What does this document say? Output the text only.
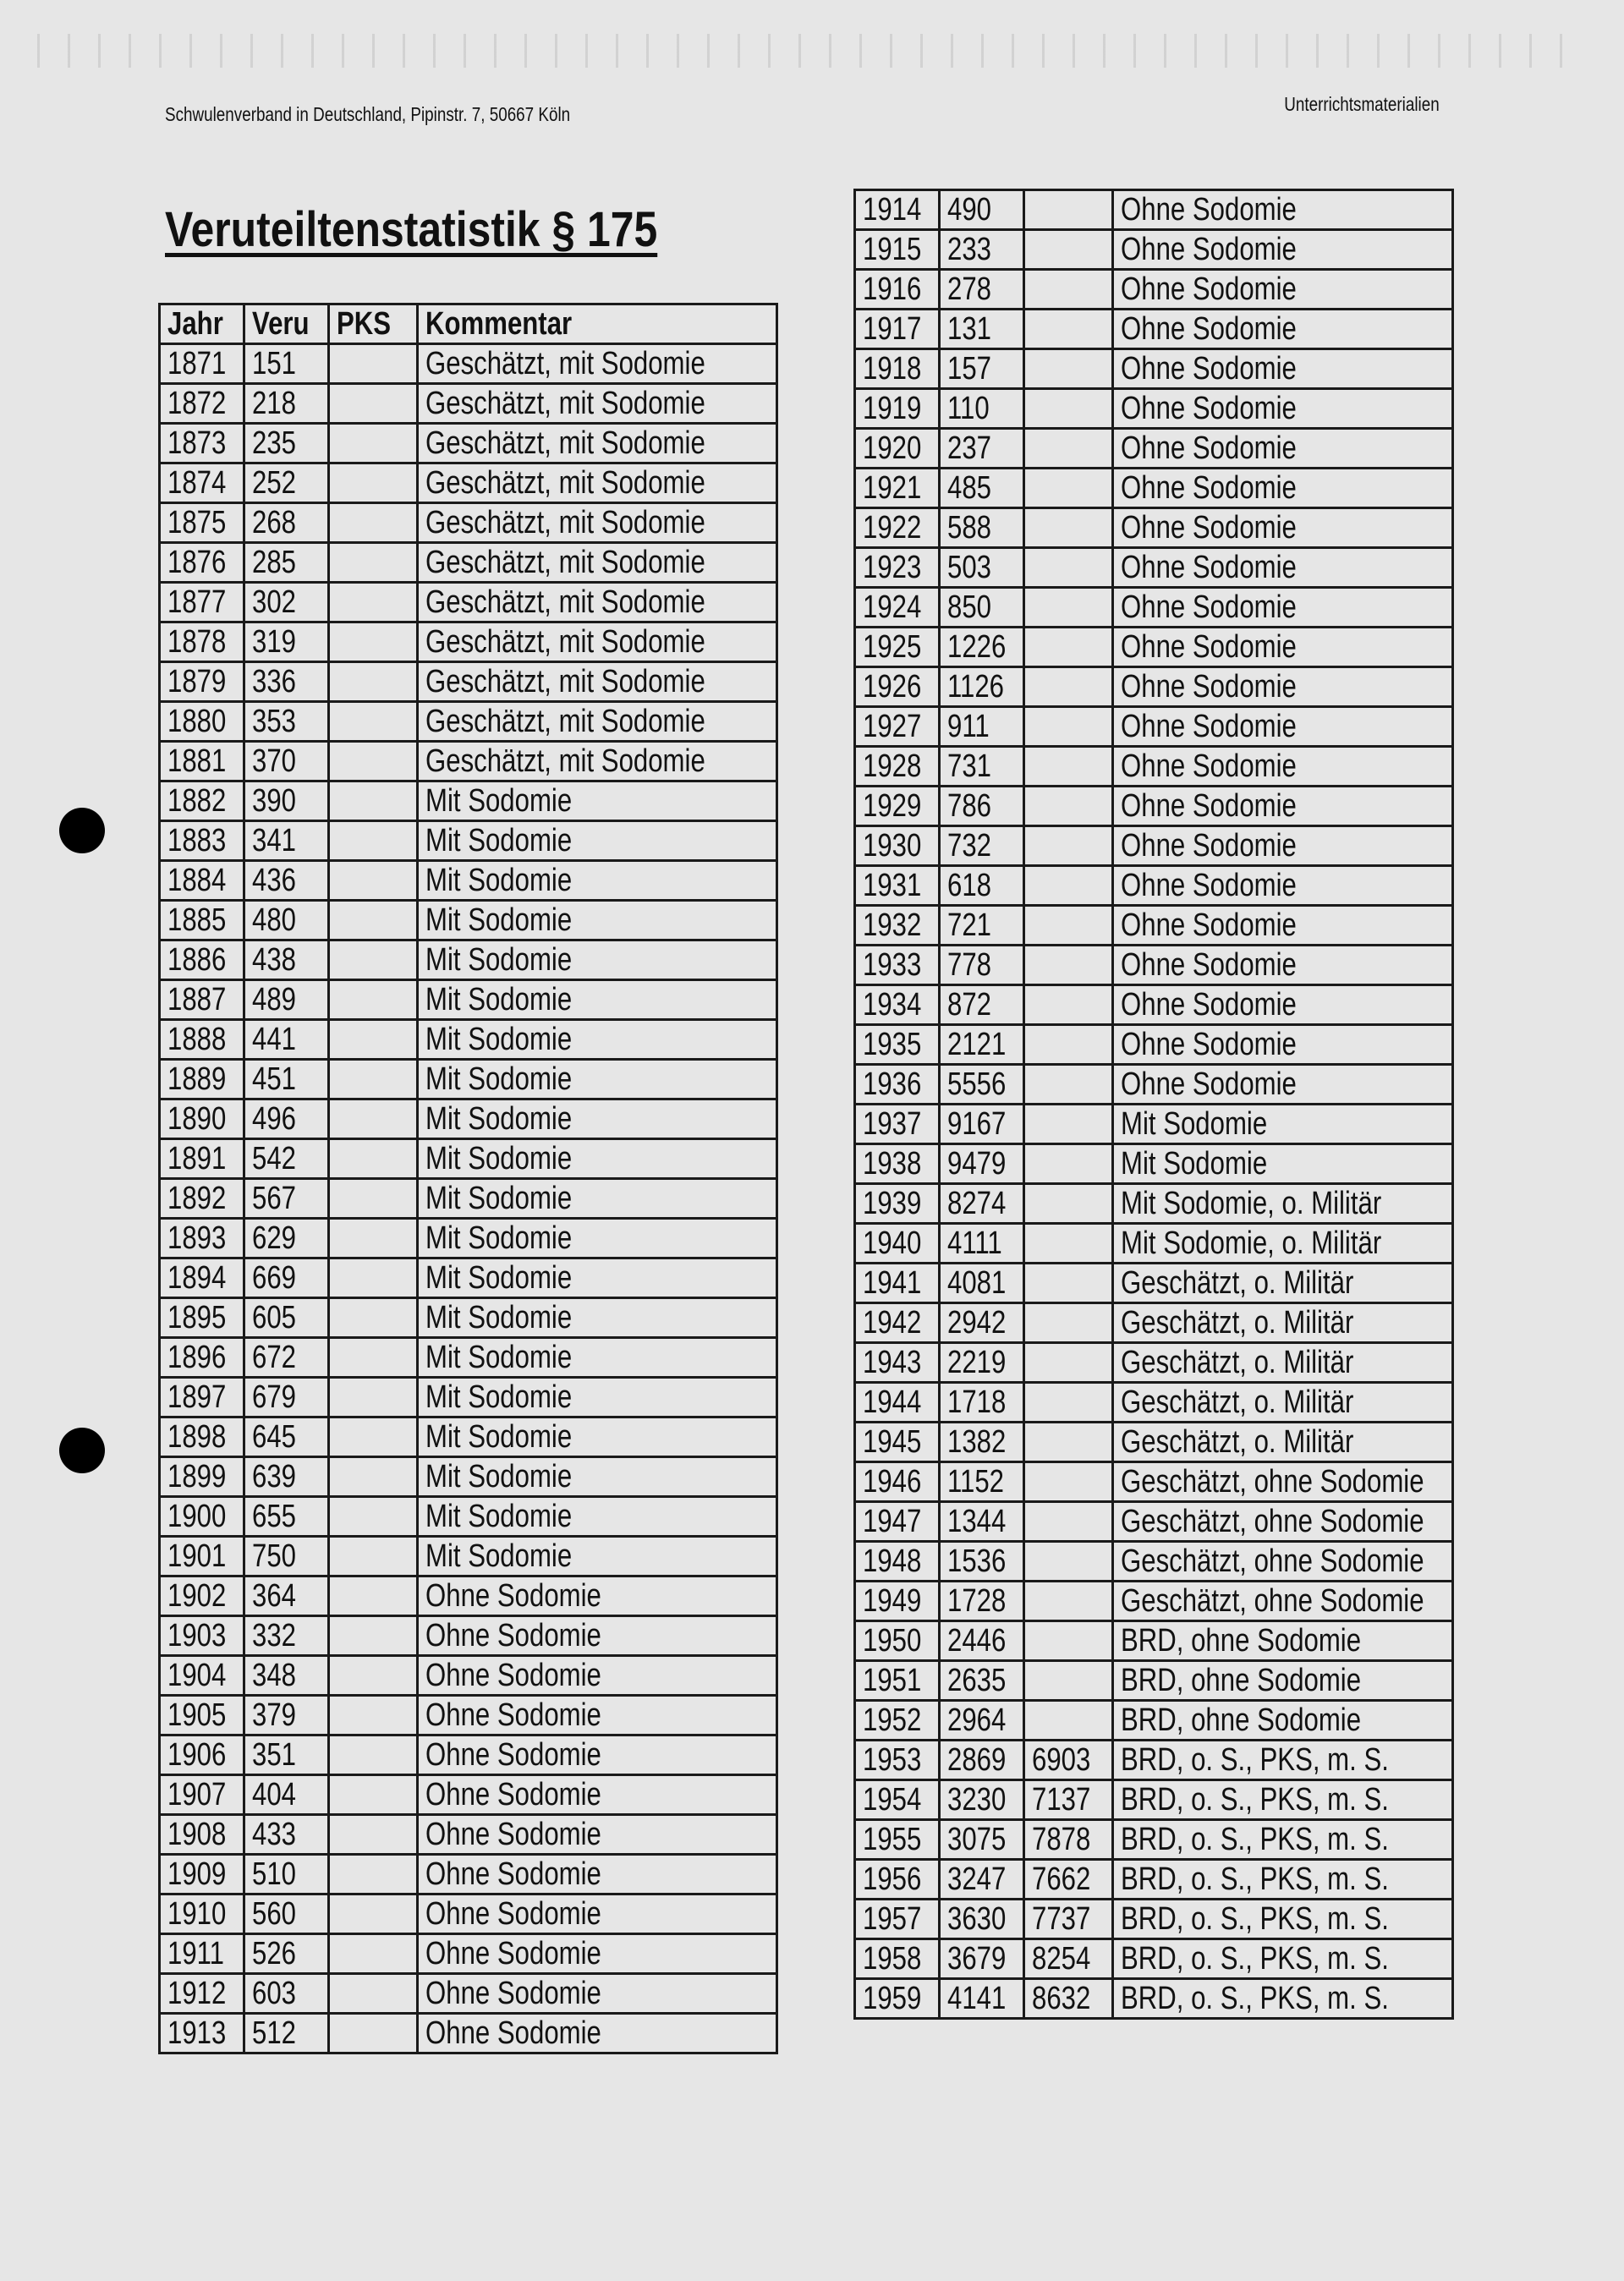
Schwulenverband in Deutschland, Pipinstr. 7, 50667 Köln	Unterrichtsmaterialien
Veruteiltenstatistik § 175
Jahr	Veru	PKS	Kommentar
1871	151		Geschätzt, mit Sodomie
1872	218		Geschätzt, mit Sodomie
1873	235		Geschätzt, mit Sodomie
1874	252		Geschätzt, mit Sodomie
1875	268		Geschätzt, mit Sodomie
1876	285		Geschätzt, mit Sodomie
1877	302		Geschätzt, mit Sodomie
1878	319		Geschätzt, mit Sodomie
1879	336		Geschätzt, mit Sodomie
1880	353		Geschätzt, mit Sodomie
1881	370		Geschätzt, mit Sodomie
1882	390		Mit Sodomie
1883	341		Mit Sodomie
1884	436		Mit Sodomie
1885	480		Mit Sodomie
1886	438		Mit Sodomie
1887	489		Mit Sodomie
1888	441		Mit Sodomie
1889	451		Mit Sodomie
1890	496		Mit Sodomie
1891	542		Mit Sodomie
1892	567		Mit Sodomie
1893	629		Mit Sodomie
1894	669		Mit Sodomie
1895	605		Mit Sodomie
1896	672		Mit Sodomie
1897	679		Mit Sodomie
1898	645		Mit Sodomie
1899	639		Mit Sodomie
1900	655		Mit Sodomie
1901	750		Mit Sodomie
1902	364		Ohne Sodomie
1903	332		Ohne Sodomie
1904	348		Ohne Sodomie
1905	379		Ohne Sodomie
1906	351		Ohne Sodomie
1907	404		Ohne Sodomie
1908	433		Ohne Sodomie
1909	510		Ohne Sodomie
1910	560		Ohne Sodomie
1911	526		Ohne Sodomie
1912	603		Ohne Sodomie
1913	512		Ohne Sodomie
1914	490		Ohne Sodomie
1915	233		Ohne Sodomie
1916	278		Ohne Sodomie
1917	131		Ohne Sodomie
1918	157		Ohne Sodomie
1919	110		Ohne Sodomie
1920	237		Ohne Sodomie
1921	485		Ohne Sodomie
1922	588		Ohne Sodomie
1923	503		Ohne Sodomie
1924	850		Ohne Sodomie
1925	1226		Ohne Sodomie
1926	1126		Ohne Sodomie
1927	911		Ohne Sodomie
1928	731		Ohne Sodomie
1929	786		Ohne Sodomie
1930	732		Ohne Sodomie
1931	618		Ohne Sodomie
1932	721		Ohne Sodomie
1933	778		Ohne Sodomie
1934	872		Ohne Sodomie
1935	2121		Ohne Sodomie
1936	5556		Ohne Sodomie
1937	9167		Mit Sodomie
1938	9479		Mit Sodomie
1939	8274		Mit Sodomie, o. Militär
1940	4111		Mit Sodomie, o. Militär
1941	4081		Geschätzt, o. Militär
1942	2942		Geschätzt, o. Militär
1943	2219		Geschätzt, o. Militär
1944	1718		Geschätzt, o. Militär
1945	1382		Geschätzt, o. Militär
1946	1152		Geschätzt, ohne Sodomie
1947	1344		Geschätzt, ohne Sodomie
1948	1536		Geschätzt, ohne Sodomie
1949	1728		Geschätzt, ohne Sodomie
1950	2446		BRD, ohne Sodomie
1951	2635		BRD, ohne Sodomie
1952	2964		BRD, ohne Sodomie
1953	2869	6903	BRD, o. S., PKS, m. S.
1954	3230	7137	BRD, o. S., PKS, m. S.
1955	3075	7878	BRD, o. S., PKS, m. S.
1956	3247	7662	BRD, o. S., PKS, m. S.
1957	3630	7737	BRD, o. S., PKS, m. S.
1958	3679	8254	BRD, o. S., PKS, m. S.
1959	4141	8632	BRD, o. S., PKS, m. S.
